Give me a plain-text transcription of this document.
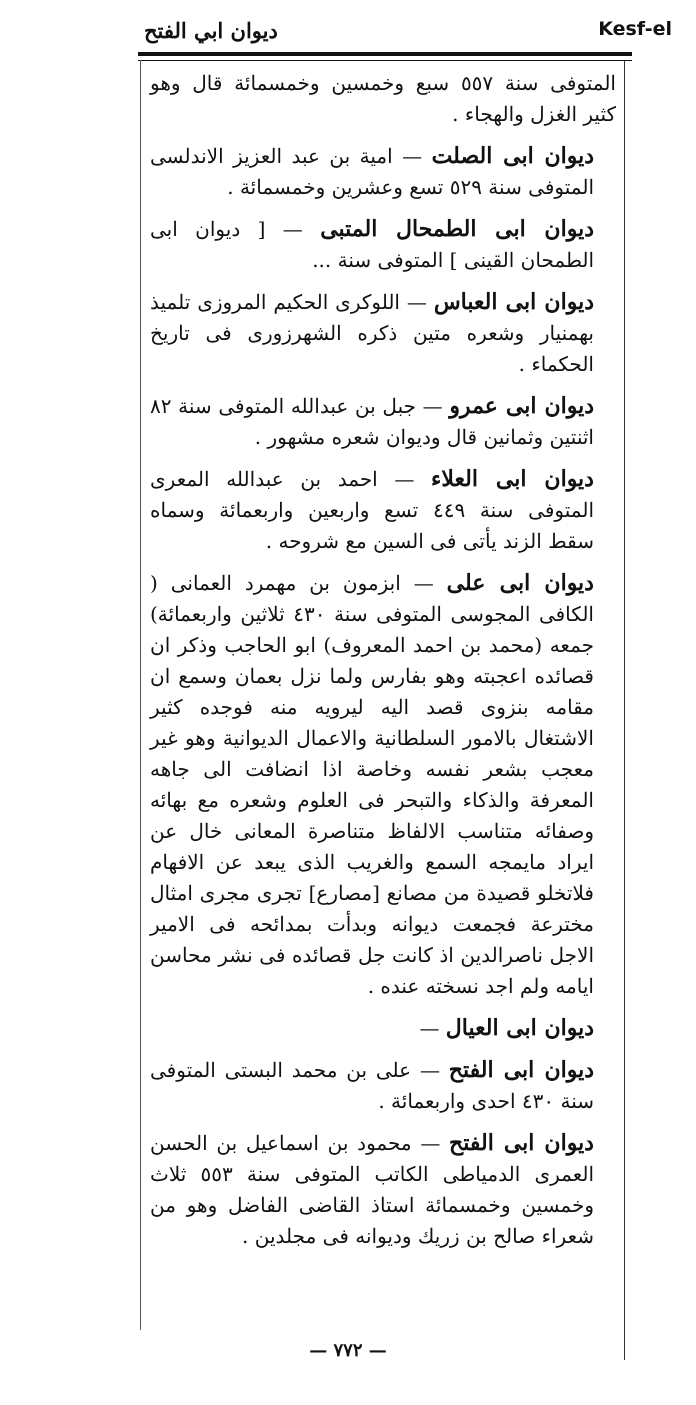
ديوان ابي الفتح	Kesf-el

المتوفى سنة ٥٥٧ سبع وخمسين وخمسمائة قال وهو كثير الغزل والهجاء .

ديوان ابى الصلت — امية بن عبد العزيز الاندلسى المتوفى سنة ٥٢٩ تسع وعشرين وخمسمائة .

ديوان ابى الطمحال المتبى — [ ديوان ابى الطمحان القينى ] المتوفى سنة ...

ديوان ابى العباس — اللوكرى الحكيم المروزى تلميذ بهمنيار وشعره متين ذكره الشهرزورى فى تاريخ الحكماء .

ديوان ابى عمرو — جبل بن عبدالله المتوفى سنة ٨٢ اثنتين وثمانين قال وديوان شعره مشهور .

ديوان ابى العلاء — احمد بن عبدالله المعرى المتوفى سنة ٤٤٩ تسع واربعين واربعمائة وسماه سقط الزند يأتى فى السين مع شروحه .

ديوان ابى على — ابزمون بن مهمرد العمانى ( الكافى المجوسى المتوفى سنة ٤٣٠ ثلاثين واربعمائة) جمعه (محمد بن احمد المعروف) ابو الحاجب وذكر ان قصائده اعجبته وهو بفارس ولما نزل بعمان وسمع ان مقامه بنزوى قصد اليه ليرويه منه فوجده كثير الاشتغال بالامور السلطانية والاعمال الديوانية وهو غير معجب بشعر نفسه وخاصة اذا انضافت الى جاهه المعرفة والذكاء والتبحر فى العلوم وشعره مع بهائه وصفائه متناسب الالفاظ متناصرة المعانى خال عن ايراد مايمجه السمع والغريب الذى يبعد عن الافهام فلاتخلو قصيدة من مصانع [مصارع] تجرى مجرى امثال مخترعة فجمعت ديوانه وبدأت بمدائحه فى الامير الاجل ناصرالدين اذ كانت جل قصائده فى نشر محاسن ايامه ولم اجد نسخته عنده .

ديوان ابى العيال —

ديوان ابى الفتح — على بن محمد البستى المتوفى سنة ٤٣٠ احدى واربعمائة .

ديوان ابى الفتح — محمود بن اسماعيل بن الحسن العمرى الدمياطى الكاتب المتوفى سنة ٥٥٣ ثلاث وخمسين وخمسمائة استاذ القاضى الفاضل وهو من شعراء صالح بن زريك وديوانه فى مجلدين .

— ٧٧٢ —
